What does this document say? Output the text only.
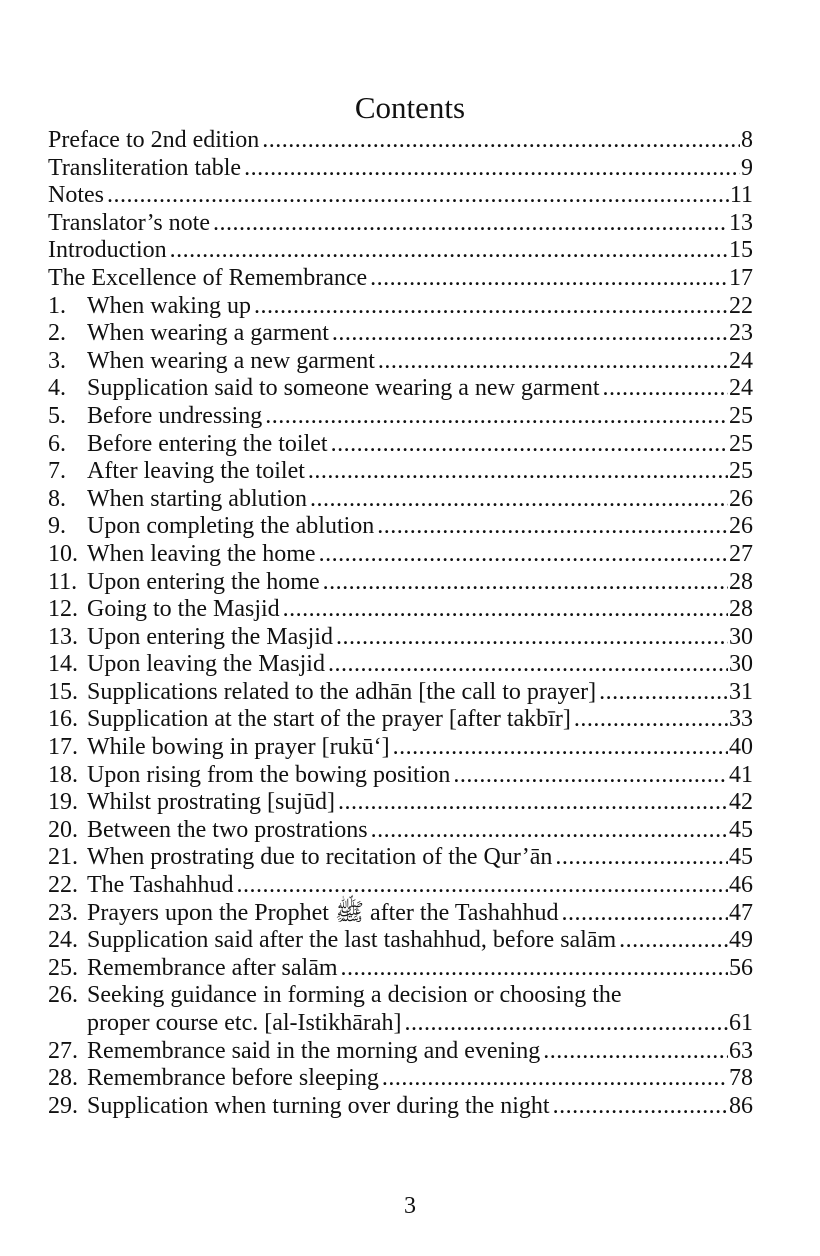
Contents
Preface to 2nd edition .....	8
Transliteration table .....	9
Notes .....	11
Translator’s note .....	13
Introduction .....	15
The Excellence of Remembrance .....	17
1. When waking up .....	22
2. When wearing a garment .....	23
3. When wearing a new garment .....	24
4. Supplication said to someone wearing a new garment .....	24
5. Before undressing .....	25
6. Before entering the toilet .....	25
7. After leaving the toilet .....	25
8. When starting ablution .....	26
9. Upon completing the ablution .....	26
10. When leaving the home .....	27
11. Upon entering the home .....	28
12. Going to the Masjid .....	28
13. Upon entering the Masjid .....	30
14. Upon leaving the Masjid .....	30
15. Supplications related to the adhān [the call to prayer] .....	31
16. Supplication at the start of the prayer [after takbīr] .....	33
17. While bowing in prayer [rukū‘] .....	40
18. Upon rising from the bowing position .....	41
19. Whilst prostrating [sujūd] .....	42
20. Between the two prostrations .....	45
21. When prostrating due to recitation of the Qur’ān .....	45
22. The Tashahhud .....	46
23. Prayers upon the Prophet ﷺ after the Tashahhud .....	47
24. Supplication said after the last tashahhud, before salām .....	49
25. Remembrance after salām .....	56
26. Seeking guidance in forming a decision or choosing the
proper course etc. [al-Istikhārah] .....	61
27. Remembrance said in the morning and evening .....	63
28. Remembrance before sleeping .....	78
29. Supplication when turning over during the night .....	86
3
